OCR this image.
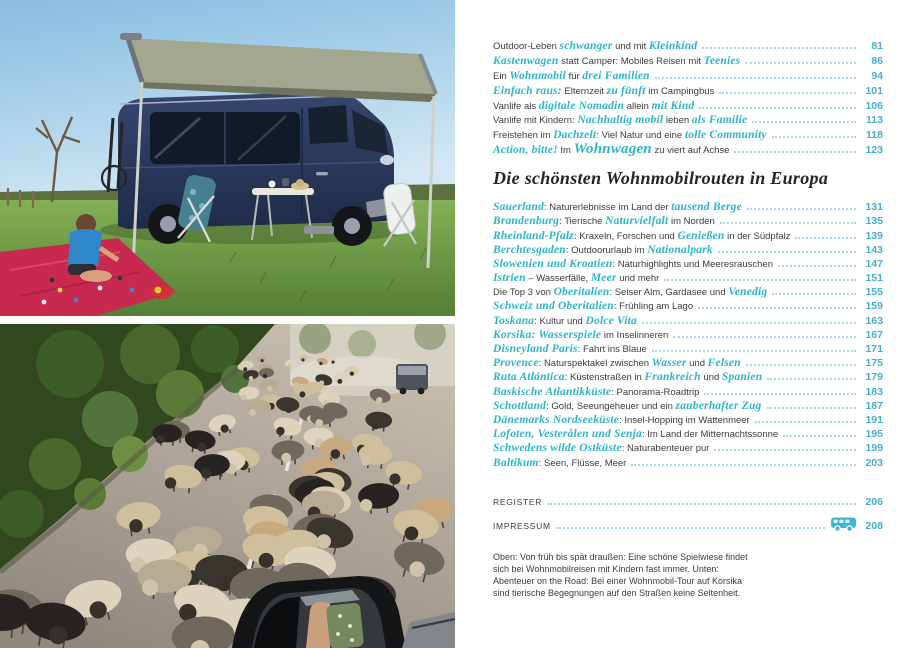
Outdoor-Leben schwanger und mit Kleinkind	81
Kastenwagen statt Camper: Mobiles Reisen mit Teenies	86
Ein Wohnmobil für drei Familien	94
Einfach raus: Elternzeit zu fünft im Campingbus	101
Vanlife als digitale Nomadin allein mit Kind	106
Vanlife mit Kindern: Nachhaltig mobil leben als Familie	113
Freistehen im Dachzelt: Viel Natur und eine tolle Community	118
Action, bitte! Im Wohnwagen zu viert auf Achse	123
Die schönsten Wohnmobilrouten in Europa
Sauerland: Naturerlebnisse im Land der tausend Berge	131
Brandenburg: Tierische Naturvielfalt im Norden	135
Rheinland-Pfalz: Kraxeln, Forschen und Genießen in der Südpfalz	139
Berchtesgaden: Outdoorurlaub im Nationalpark	143
Slowenien und Kroatien: Naturhighlights und Meeresrauschen	147
Istrien – Wasserfälle, Meer und mehr	151
Die Top 3 von Oberitalien: Seiser Alm, Gardasee und Venedig	155
Schweiz und Oberitalien: Frühling am Lago	159
Toskana: Kultur und Dolce Vita	163
Korsika: Wasserspiele im Inselinneren	167
Disneyland Paris: Fahrt ins Blaue	171
Provence: Naturspektakel zwischen Wasser und Felsen	175
Ruta Atlántica: Küstenstraßen in Frankreich und Spanien	179
Baskische Atlantikküste: Panorama-Roadtrip	183
Schottland: Gold, Seeungeheuer und ein zauberhafter Zug	187
Dänemarks Nordseeküste: Insel-Hopping im Wattenmeer	191
Lofoten, Vesterålen und Senja: Im Land der Mitternachtssonne	195
Schwedens wilde Ostküste: Naturabenteuer pur	199
Baltikum: Seen, Flüsse, Meer	203
REGISTER	206
IMPRESSUM	208

Oben: Von früh bis spät draußen: Eine schöne Spielwiese findet sich bei Wohnmobilreisen mit Kindern fast immer. Unten: Abenteuer on the Road: Bei einer Wohnmobil-Tour auf Korsika sind tierische Begegnungen auf den Straßen keine Seltenheit.
